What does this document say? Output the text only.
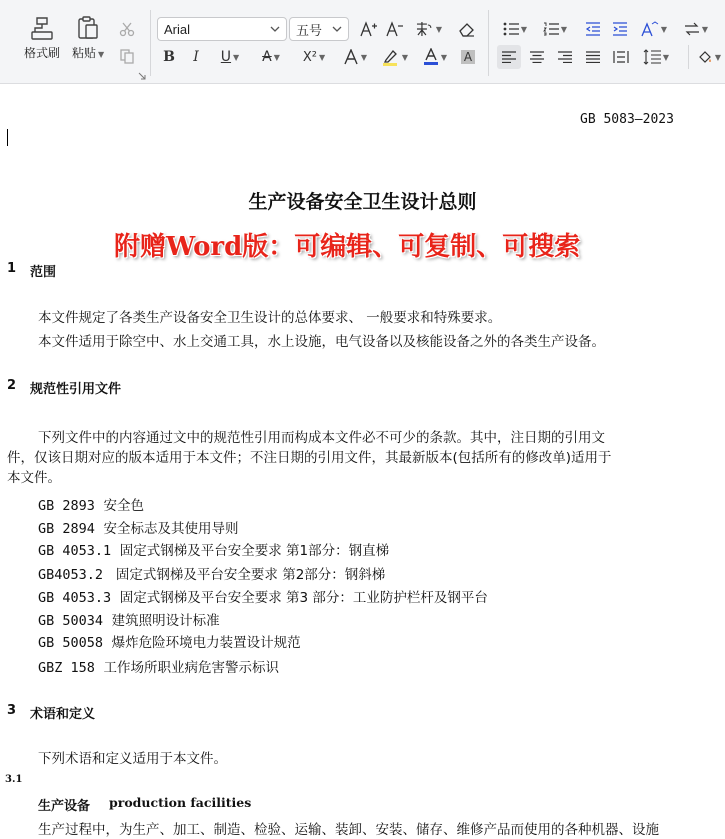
格式刷 粘贴 ▼
Arial	五号	▼
B I U ▼ A ▼ X² ▼	▼	▼	▼ A
▼	▼	▼	▼
▼	▼
GB 5083—2023
生产设备安全卫生设计总则
附赠Word版：可编辑、可复制、可搜索
1 范围
本文件规定了各类生产设备安全卫生设计的总体要求、 一般要求和特殊要求。
本文件适用于除空中、水上交通工具，水上设施，电气设备以及核能设备之外的各类生产设备。
2 规范性引用文件
下列文件中的内容通过文中的规范性引用而构成本文件必不可少的条款。其中，注日期的引用文
件，仅该日期对应的版本适用于本文件；不注日期的引用文件，其最新版本(包括所有的修改单)适用于
本文件。
GB 2893 安全色
GB 2894 安全标志及其使用导则
GB 4053.1 固定式钢梯及平台安全要求 第1部分：钢直梯
GB4053.2 固定式钢梯及平台安全要求 第2部分：钢斜梯
GB 4053.3 固定式钢梯及平台安全要求 第3 部分：工业防护栏杆及钢平台
GB 50034 建筑照明设计标准
GB 50058 爆炸危险环境电力装置设计规范
GBZ 158 工作场所职业病危害警示标识
3 术语和定义
下列术语和定义适用于本文件。
3.1
生产设备 production facilities
生产过程中，为生产、加工、制造、检验、运输、装卸、安装、储存、维修产品而使用的各种机器、设施
